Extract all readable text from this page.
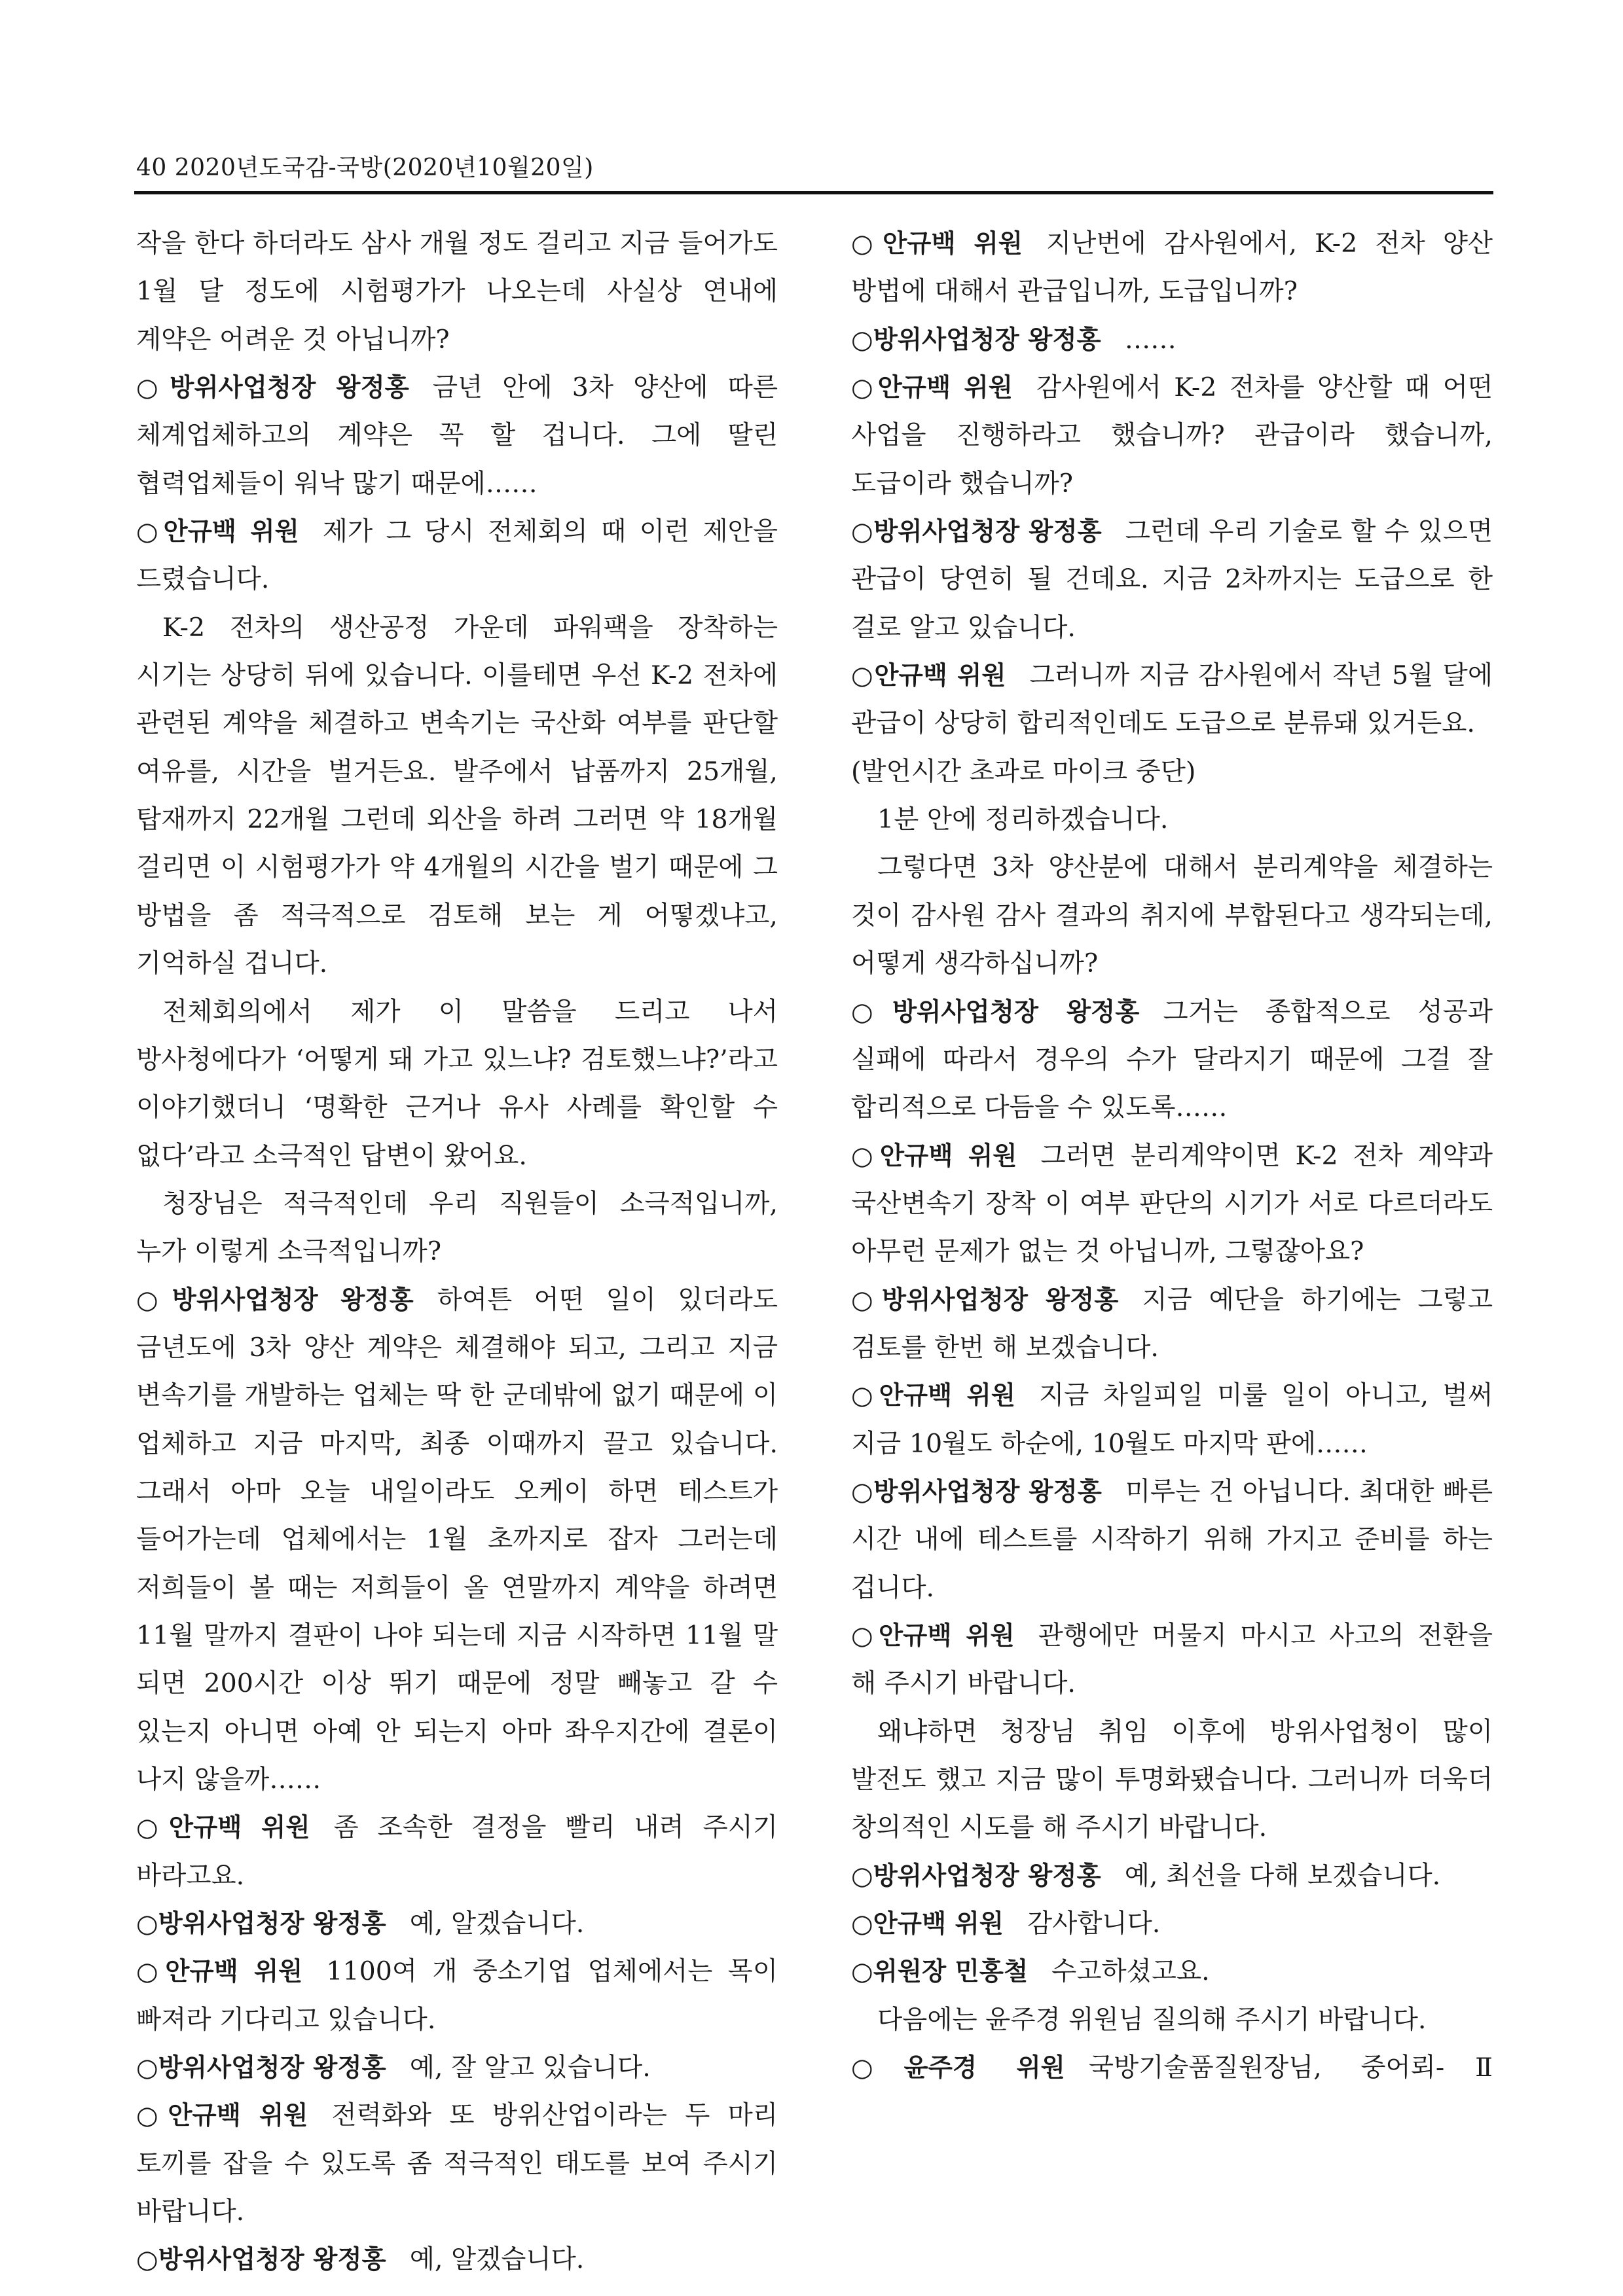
40 2020년도국감-국방(2020년10월20일)

작을 한다 하더라도 삼사 개월 정도 걸리고 지금 들어가도 1월 달 정도에 시험평가가 나오는데 사실상 연내에 계약은 어려운 것 아닙니까?

○방위사업청장 왕정홍 금년 안에 3차 양산에 따른 체계업체하고의 계약은 꼭 할 겁니다. 그에 딸린 협력업체들이 워낙 많기 때문에……

○안규백 위원 제가 그 당시 전체회의 때 이런 제안을 드렸습니다.

K-2 전차의 생산공정 가운데 파워팩을 장착하는 시기는 상당히 뒤에 있습니다. 이를테면 우선 K-2 전차에 관련된 계약을 체결하고 변속기는 국산화 여부를 판단할 여유를, 시간을 벌거든요. 발주에서 납품까지 25개월, 탑재까지 22개월 그런데 외산을 하려 그러면 약 18개월 걸리면 이 시험평가가 약 4개월의 시간을 벌기 때문에 그 방법을 좀 적극적으로 검토해 보는 게 어떻겠냐고, 기억하실 겁니다.

전체회의에서 제가 이 말씀을 드리고 나서 방사청에다가 ‘어떻게 돼 가고 있느냐? 검토했느냐?’라고 이야기했더니 ‘명확한 근거나 유사 사례를 확인할 수 없다’라고 소극적인 답변이 왔어요.

청장님은 적극적인데 우리 직원들이 소극적입니까, 누가 이렇게 소극적입니까?

○방위사업청장 왕정홍 하여튼 어떤 일이 있더라도 금년도에 3차 양산 계약은 체결해야 되고, 그리고 지금 변속기를 개발하는 업체는 딱 한 군데밖에 없기 때문에 이 업체하고 지금 마지막, 최종 이때까지 끌고 있습니다. 그래서 아마 오늘 내일이라도 오케이 하면 테스트가 들어가는데 업체에서는 1월 초까지로 잡자 그러는데 저희들이 볼 때는 저희들이 올 연말까지 계약을 하려면 11월 말까지 결판이 나야 되는데 지금 시작하면 11월 말 되면 200시간 이상 뛰기 때문에 정말 빼놓고 갈 수 있는지 아니면 아예 안 되는지 아마 좌우지간에 결론이 나지 않을까……

○안규백 위원 좀 조속한 결정을 빨리 내려 주시기 바라고요.

○방위사업청장 왕정홍 예, 알겠습니다.

○안규백 위원 1100여 개 중소기업 업체에서는 목이 빠져라 기다리고 있습니다.

○방위사업청장 왕정홍 예, 잘 알고 있습니다.

○안규백 위원 전력화와 또 방위산업이라는 두 마리 토끼를 잡을 수 있도록 좀 적극적인 태도를 보여 주시기 바랍니다.

○방위사업청장 왕정홍 예, 알겠습니다.

○안규백 위원 지난번에 감사원에서, K-2 전차 양산 방법에 대해서 관급입니까, 도급입니까?

○방위사업청장 왕정홍 ……

○안규백 위원 감사원에서 K-2 전차를 양산할 때 어떤 사업을 진행하라고 했습니까? 관급이라 했습니까, 도급이라 했습니까?

○방위사업청장 왕정홍 그런데 우리 기술로 할 수 있으면 관급이 당연히 될 건데요. 지금 2차까지는 도급으로 한 걸로 알고 있습니다.

○안규백 위원 그러니까 지금 감사원에서 작년 5월 달에 관급이 상당히 합리적인데도 도급으로 분류돼 있거든요.

(발언시간 초과로 마이크 중단)

1분 안에 정리하겠습니다.

그렇다면 3차 양산분에 대해서 분리계약을 체결하는 것이 감사원 감사 결과의 취지에 부합된다고 생각되는데, 어떻게 생각하십니까?

○방위사업청장 왕정홍 그거는 종합적으로 성공과 실패에 따라서 경우의 수가 달라지기 때문에 그걸 잘 합리적으로 다듬을 수 있도록……

○안규백 위원 그러면 분리계약이면 K-2 전차 계약과 국산변속기 장착 이 여부 판단의 시기가 서로 다르더라도 아무런 문제가 없는 것 아닙니까, 그렇잖아요?

○방위사업청장 왕정홍 지금 예단을 하기에는 그렇고 검토를 한번 해 보겠습니다.

○안규백 위원 지금 차일피일 미룰 일이 아니고, 벌써 지금 10월도 하순에, 10월도 마지막 판에……

○방위사업청장 왕정홍 미루는 건 아닙니다. 최대한 빠른 시간 내에 테스트를 시작하기 위해 가지고 준비를 하는 겁니다.

○안규백 위원 관행에만 머물지 마시고 사고의 전환을 해 주시기 바랍니다.

왜냐하면 청장님 취임 이후에 방위사업청이 많이 발전도 했고 지금 많이 투명화됐습니다. 그러니까 더욱더 창의적인 시도를 해 주시기 바랍니다.

○방위사업청장 왕정홍 예, 최선을 다해 보겠습니다.

○안규백 위원 감사합니다.

○위원장 민홍철 수고하셨고요.

다음에는 윤주경 위원님 질의해 주시기 바랍니다.

○윤주경 위원 국방기술품질원장님, 중어뢰-Ⅱ
